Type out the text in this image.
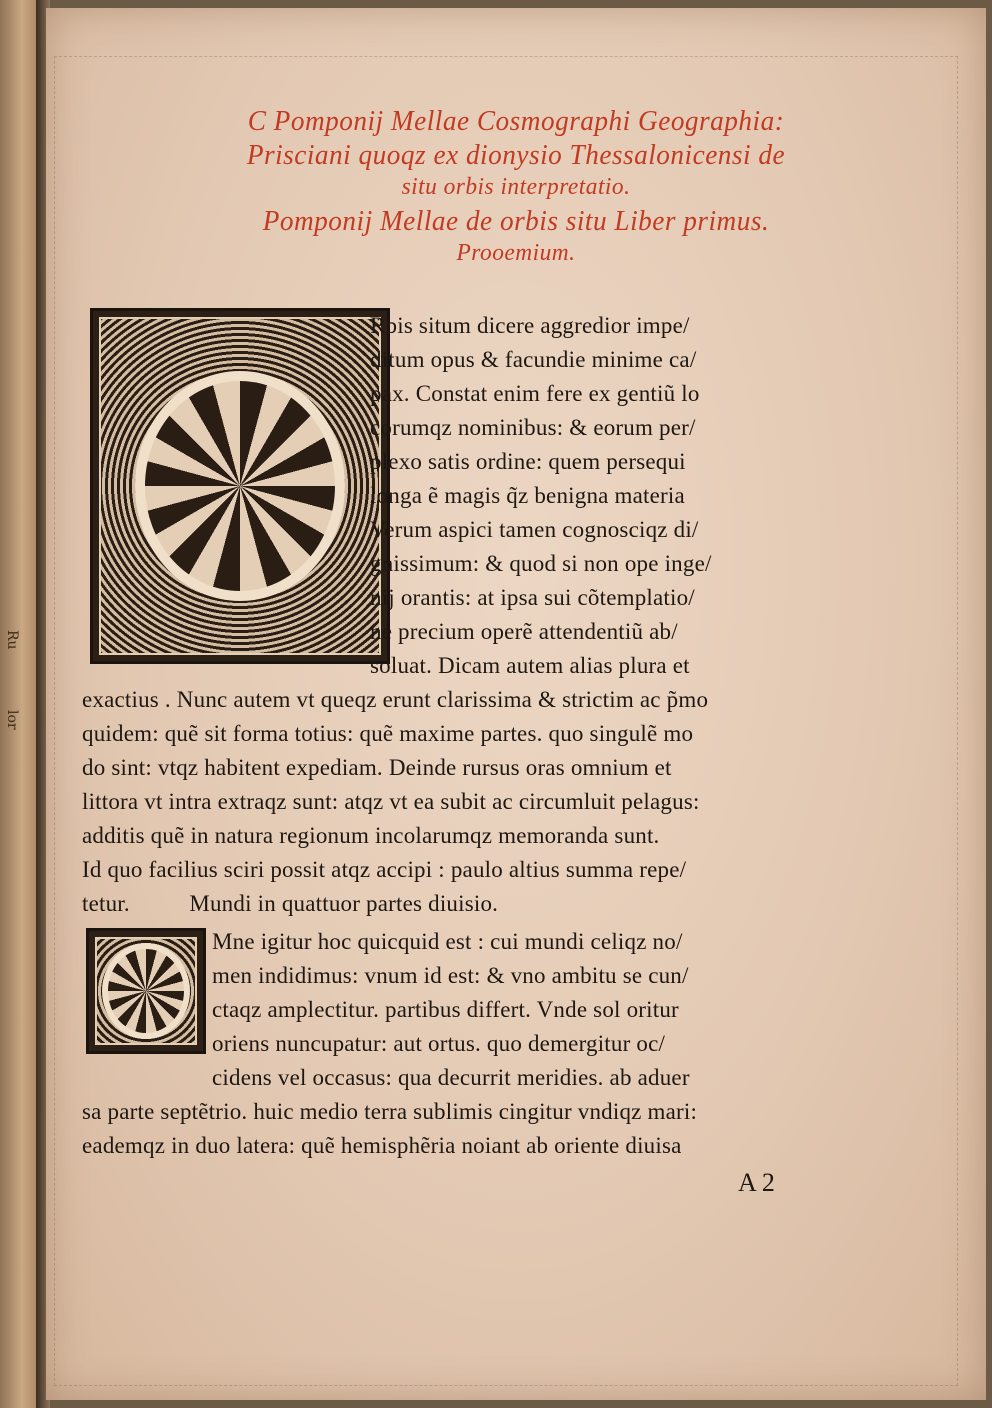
Ru
lor
C Pomponij Mellae Cosmographi Geographia:
Prisciani quoqz ex dionysio Thessalonicensi de
situ orbis interpretatio.
Pomponij Mellae de orbis situ Liber primus.
Prooemium.
Rbis situm dicere aggredior impe/
ditum opus & facundie minime ca/
pax. Constat enim fere ex gentiũ lo
corumqz nominibus: & eorum per/
plexo satis ordine: quem persequi
longa ẽ magis q̃z benigna materia
Verum aspici tamen cognosciqz di/
gnissimum: & quod si non ope inge/
nij orantis: at ipsa sui cõtemplatio/
ne precium operẽ attendentiũ ab/
soluat. Dicam autem alias plura et
exactius . Nunc autem vt queqz erunt clarissima & strictim ac p̃mo
quidem: quẽ sit forma totius: quẽ maxime partes. quo singulẽ mo
do sint: vtqz habitent expediam. Deinde rursus oras omnium et
littora vt intra extraqz sunt: atqz vt ea subit ac circumluit pelagus:
additis quẽ in natura regionum incolarumqz memoranda sunt.
Id quo facilius sciri possit atqz accipi : paulo altius summa repe/
tetur.          Mundi in quattuor partes diuisio.
Mne igitur hoc quicquid est : cui mundi celiqz no/
men indidimus: vnum id est: & vno ambitu se cun/
ctaqz amplectitur. partibus differt. Vnde sol oritur
oriens nuncupatur: aut ortus. quo demergitur oc/
cidens vel occasus: qua decurrit meridies. ab aduer
sa parte septẽtrio. huic medio terra sublimis cingitur vndiqz mari:
eademqz in duo latera: quẽ hemisphẽria noiant ab oriente diuisa
A 2
